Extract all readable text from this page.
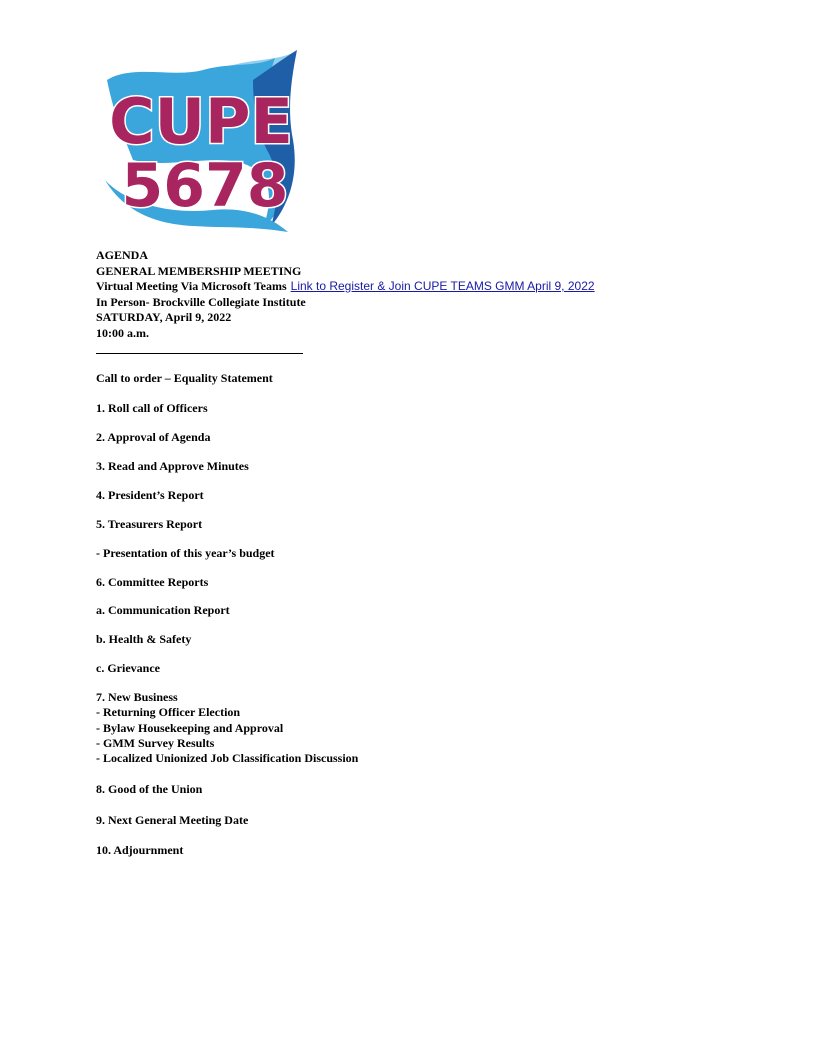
CUPE
5678
AGENDA
GENERAL MEMBERSHIP MEETING
Virtual Meeting Via Microsoft Teams Link to Register & Join CUPE TEAMS GMM April 9, 2022
In Person- Brockville Collegiate Institute
SATURDAY, April 9, 2022
10:00 a.m.
Call to order – Equality Statement
1. Roll call of Officers
2. Approval of Agenda
3. Read and Approve Minutes
4. President’s Report
5. Treasurers Report
- Presentation of this year’s budget
6. Committee Reports
a. Communication Report
b. Health & Safety
c. Grievance
7. New Business
- Returning Officer Election
- Bylaw Housekeeping and Approval
- GMM Survey Results
- Localized Unionized Job Classification Discussion
8. Good of the Union
9. Next General Meeting Date
10. Adjournment
